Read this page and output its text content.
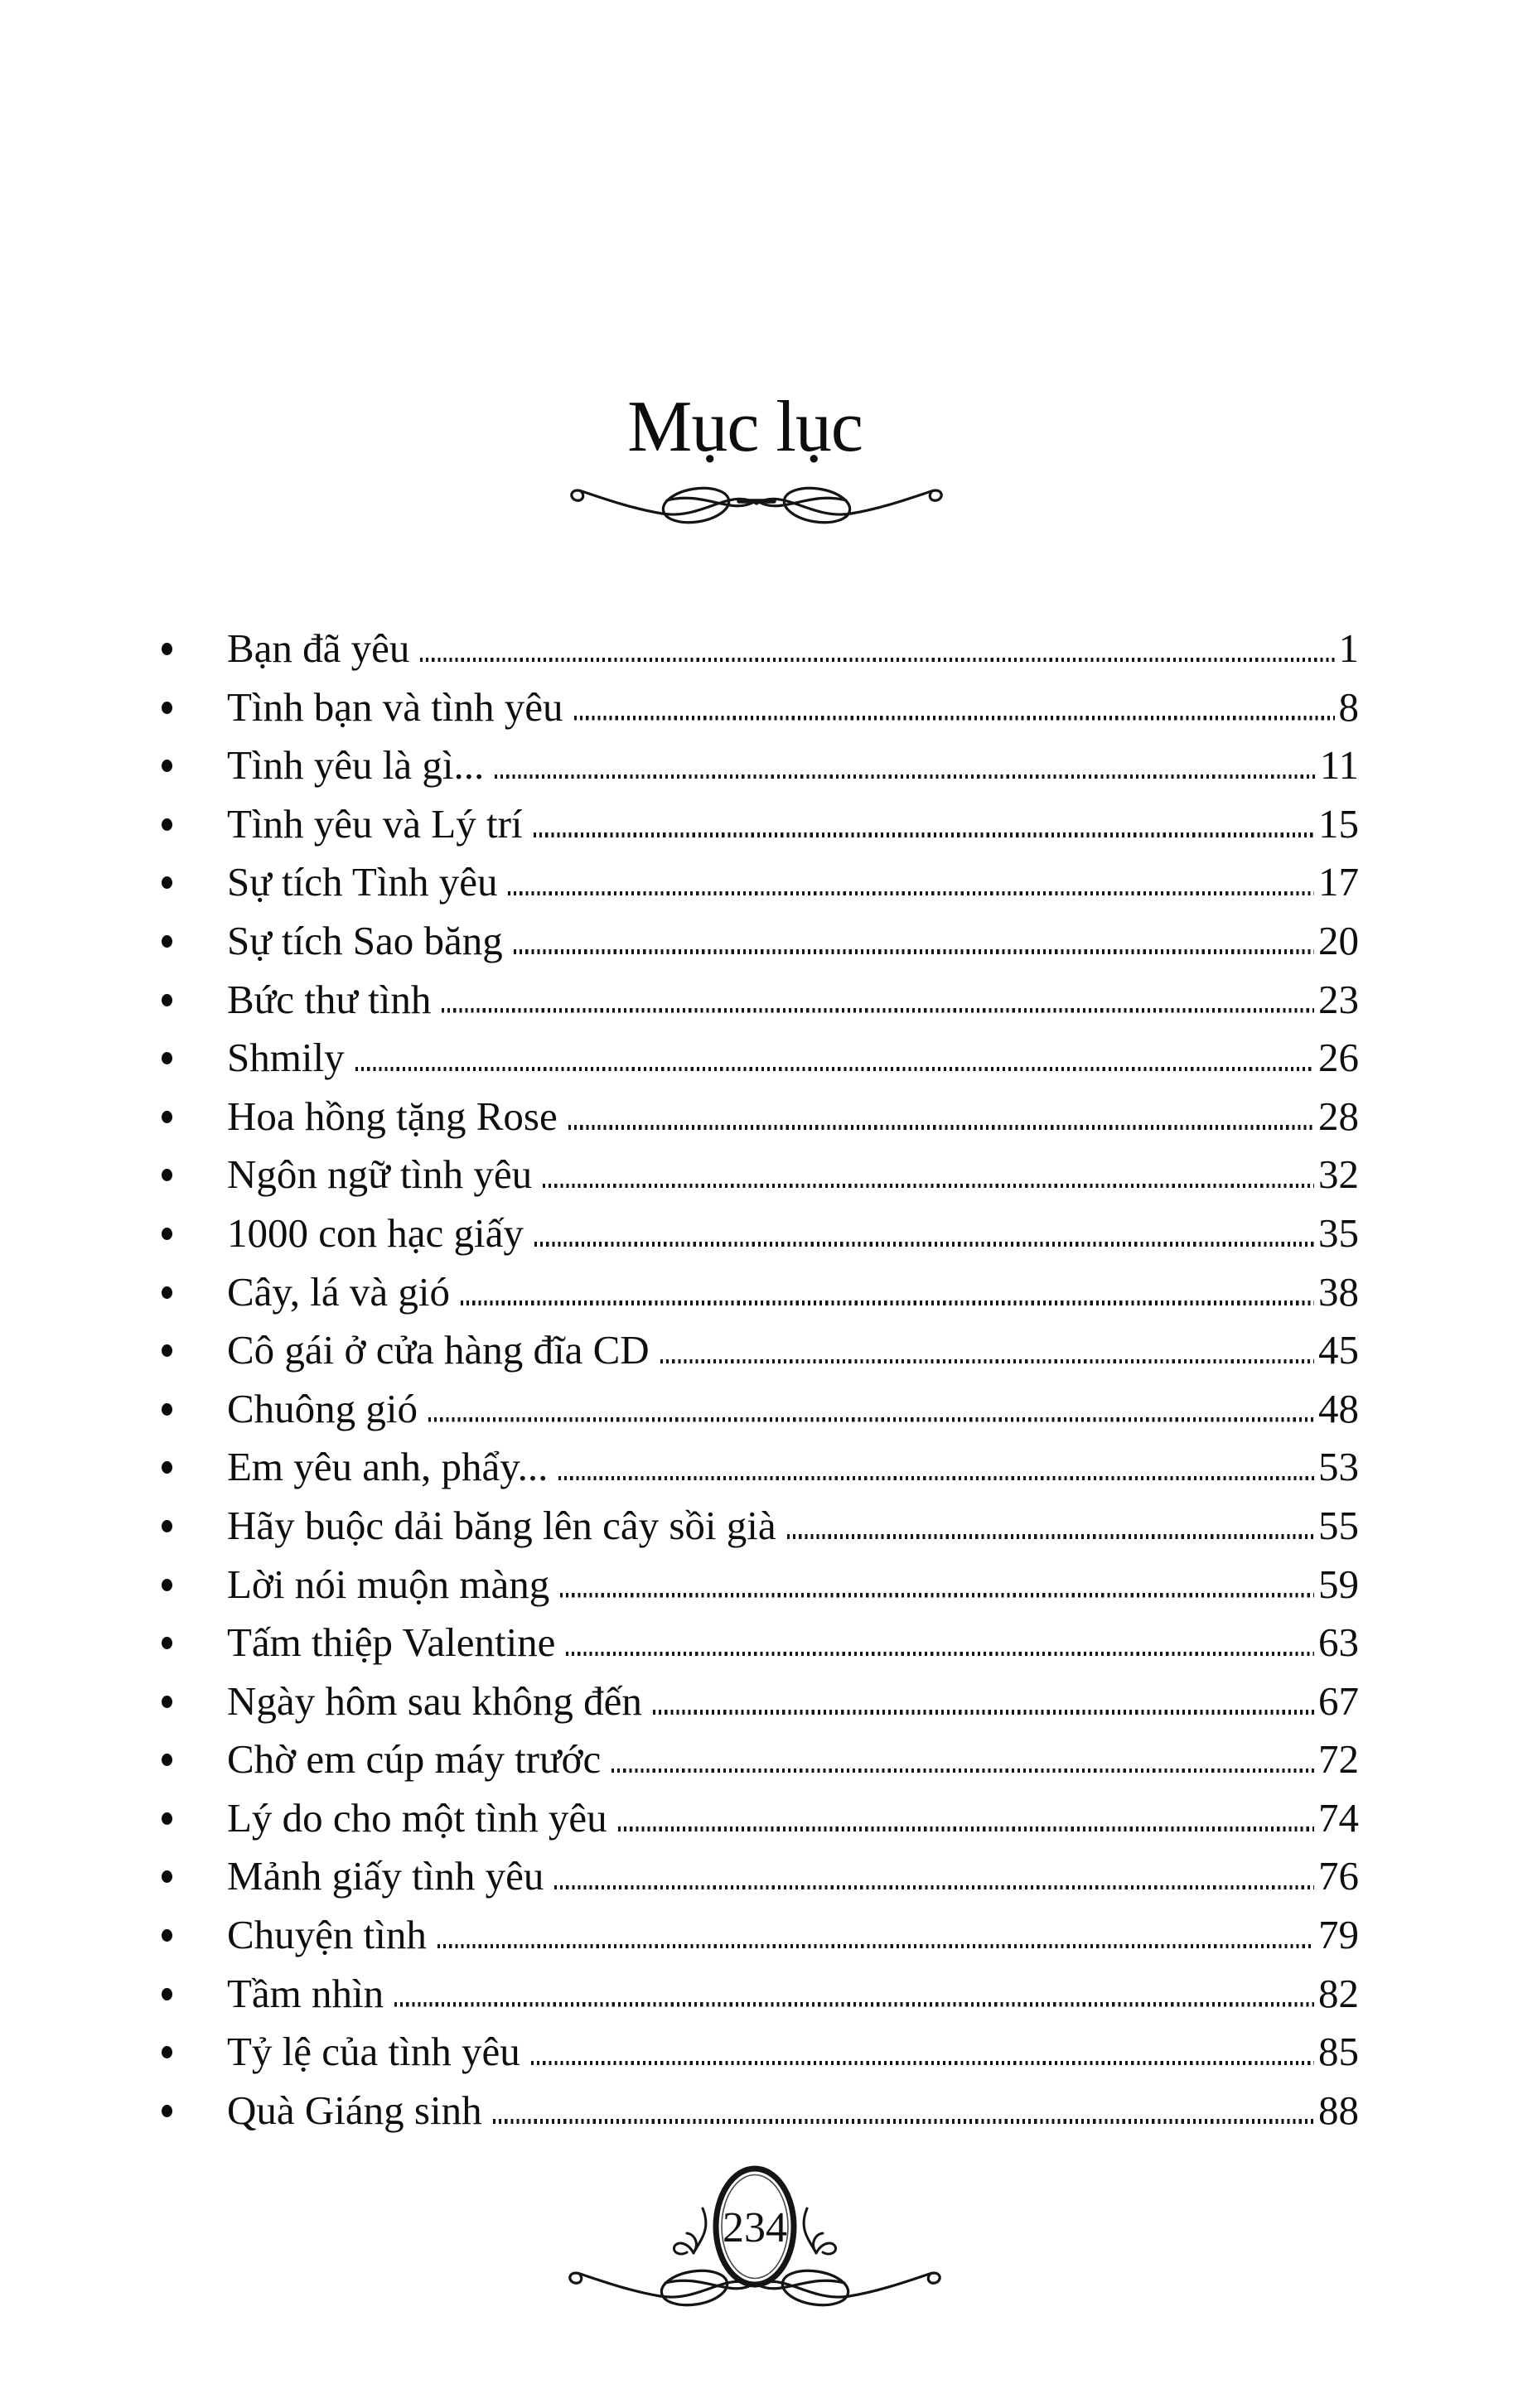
Mục lục
Bạn đã yêu	1
Tình bạn và tình yêu	8
Tình yêu là gì...	11
Tình yêu và Lý trí	15
Sự tích Tình yêu	17
Sự tích Sao băng	20
Bức thư tình	23
Shmily	26
Hoa hồng tặng Rose	28
Ngôn ngữ tình yêu	32
1000 con hạc giấy	35
Cây, lá và gió	38
Cô gái ở cửa hàng đĩa CD	45
Chuông gió	48
Em yêu anh, phẩy...	53
Hãy buộc dải băng lên cây sồi già	55
Lời nói muộn màng	59
Tấm thiệp Valentine	63
Ngày hôm sau không đến	67
Chờ em cúp máy trước	72
Lý do cho một tình yêu	74
Mảnh giấy tình yêu	76
Chuyện tình	79
Tầm nhìn	82
Tỷ lệ của tình yêu	85
Quà Giáng sinh	88
234
